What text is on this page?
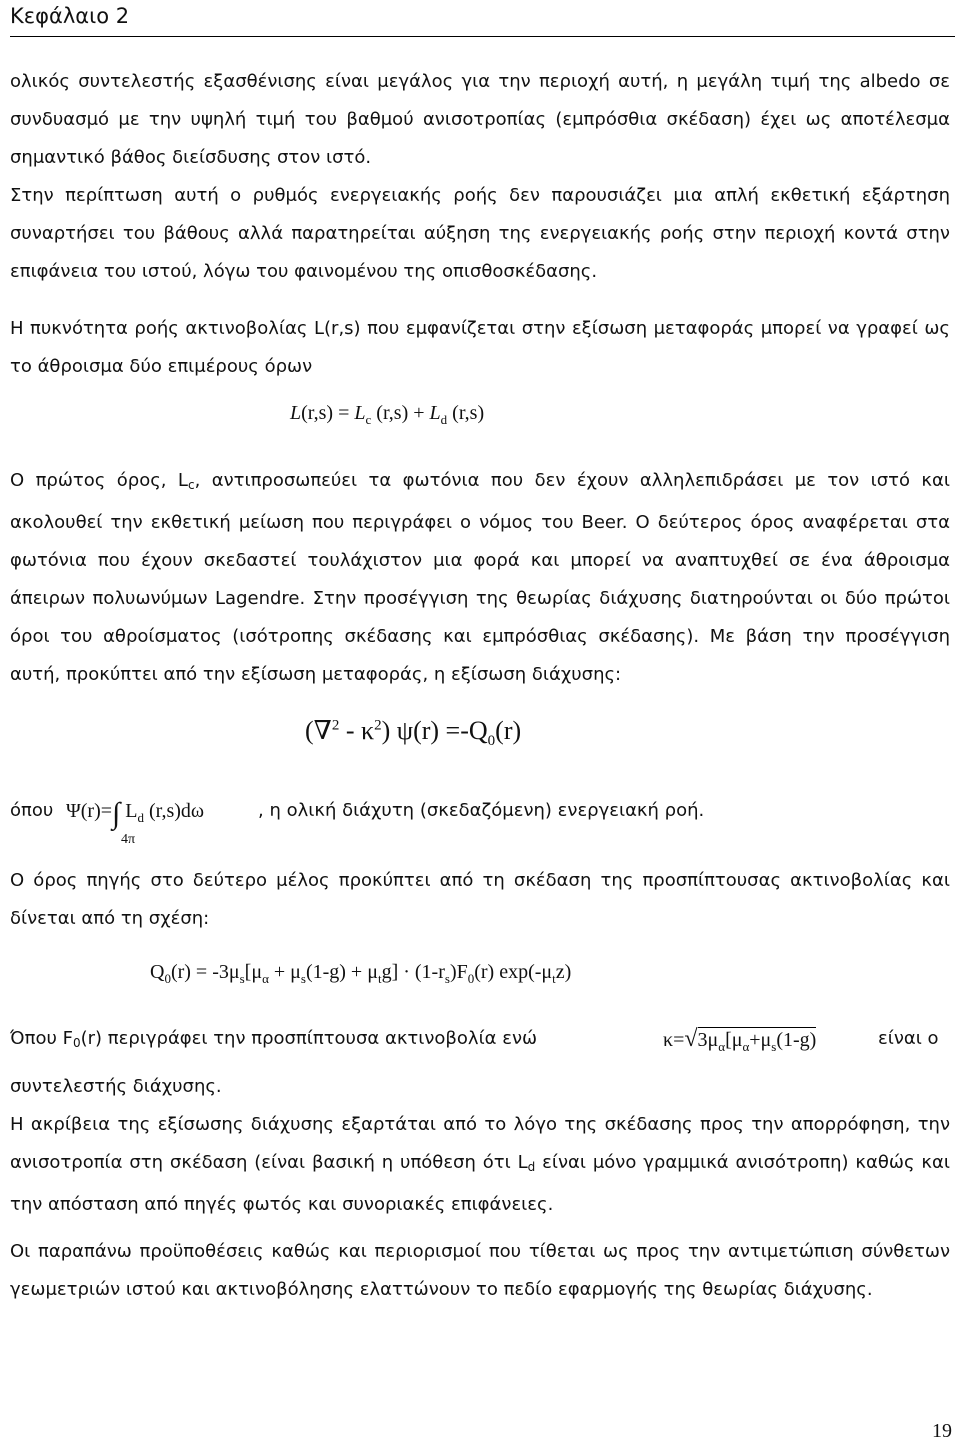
Κεφάλαιο 2

ολικός συντελεστής εξασθένισης είναι μεγάλος για την περιοχή αυτή, η μεγάλη τιμή της albedo σε συνδυασμό με την υψηλή τιμή του βαθμού ανισοτροπίας (εμπρόσθια σκέδαση) έχει ως αποτέλεσμα σημαντικό βάθος διείσδυσης στον ιστό.

Στην περίπτωση αυτή ο ρυθμός ενεργειακής ροής δεν παρουσιάζει μια απλή εκθετική εξάρτηση συναρτήσει του βάθους αλλά παρατηρείται αύξηση της ενεργειακής ροής στην περιοχή κοντά στην επιφάνεια του ιστού, λόγω του φαινομένου της οπισθοσκέδασης.

Η πυκνότητα ροής ακτινοβολίας L(r,s) που εμφανίζεται στην εξίσωση μεταφοράς μπορεί να γραφεί ως το άθροισμα δύο επιμέρους όρων

$L(r,s) = L_c$ $(r,s) + L_d$ (r,s)

Ο πρώτος όρος, $L_c$, αντιπροσωπεύει τα φωτόνια που δεν έχουν αλληλεπιδράσει με τον ιστό και ακολουθεί την εκθετική μείωση που περιγράφει ο νόμος του Beer. Ο δεύτερος όρος αναφέρεται στα φωτόνια που έχουν σκεδαστεί τουλάχιστον μια φορά και μπορεί να αναπτυχθεί σε ένα άθροισμα άπειρων πολυωνύμων Lagendre. Στην προσέγγιση της θεωρίας διάχυσης διατηρούνται οι δύο πρώτοι όροι του αθροίσματος (ισότροπης σκέδασης και εμπρόσθιας σκέδασης). Με βάση την προσέγγιση αυτή, προκύπτει από την εξίσωση μεταφοράς, η εξίσωση διάχυσης:

$(\nabla^2 - \kappa^2)$ $\psi(r) =-Q_0(r)$
όπου Ψ(r)=∫ $L_d$ (r,s)dω
4π
, η ολική διάχυτη (σκεδαζόμενη) ενεργειακή ροή.

Ο όρος πηγής στο δεύτερο μέλος προκύπτει από τη σκέδαση της προσπίπτουσας ακτινοβολίας και δίνεται από τη σχέση:

$Q_0(r) = -3\mu_s[\mu_\alpha + \mu_s(1-g) + \mu_tg] \cdot (1-r_s)F_0(r)$ $\exp(-\mu_tz)$
Όπου $F_0(r)$ περιγράφει την προσπίπτουσα ακτινοβολία ενώ	$\kappa=√3\mu_\alpha[\mu_\alpha+\mu_s(1-g)$	είναι ο
συντελεστής διάχυσης.

Η ακρίβεια της εξίσωσης διάχυσης εξαρτάται από το λόγο της σκέδασης προς την απορρόφηση, την ανισοτροπία στη σκέδαση (είναι βασική η υπόθεση ότι $L_d$ είναι μόνο γραμμικά ανισότροπη) καθώς και την απόσταση από πηγές φωτός και συνοριακές επιφάνειες.

Οι παραπάνω προϋποθέσεις καθώς και περιορισμοί που τίθεται ως προς την αντιμετώπιση σύνθετων γεωμετριών ιστού και ακτινοβόλησης ελαττώνουν το πεδίο εφαρμογής της θεωρίας διάχυσης.

19
